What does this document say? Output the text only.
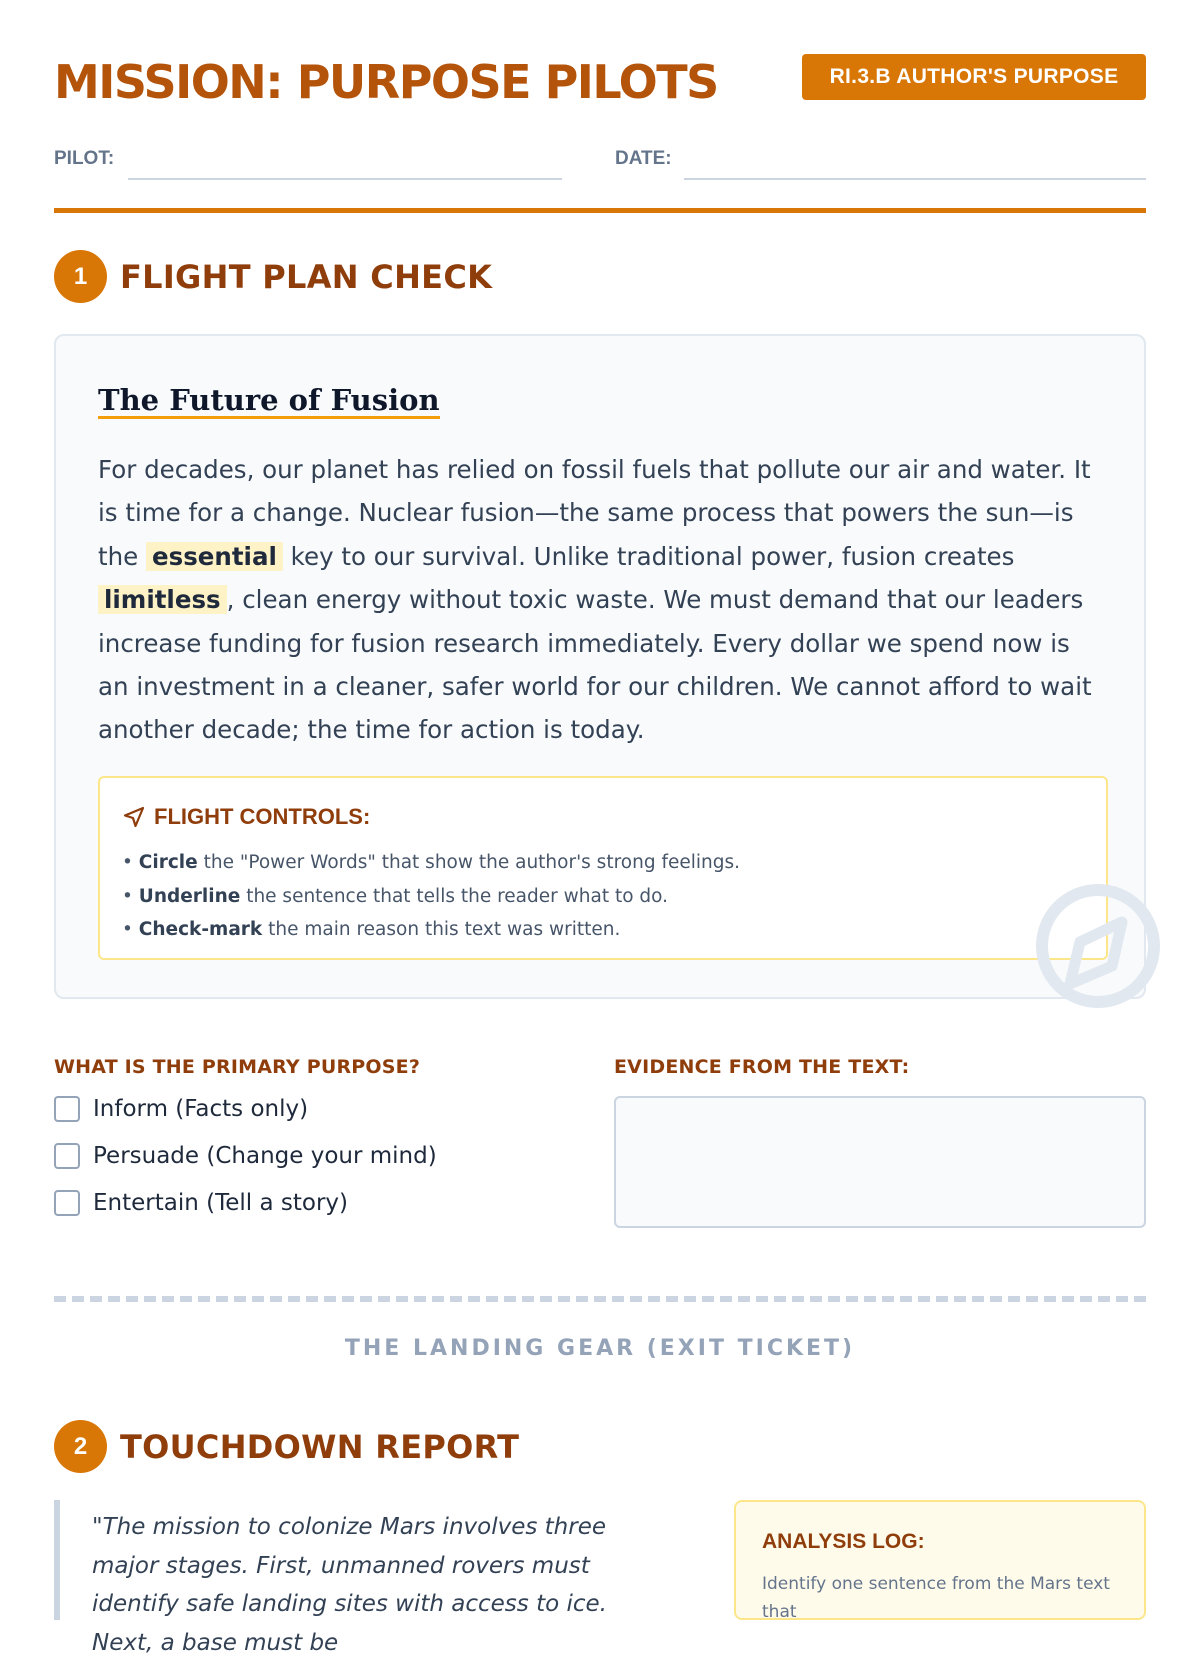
MISSION: PURPOSE PILOTS	RI.3.B AUTHOR'S PURPOSE
PILOT:	DATE:
1	FLIGHT PLAN CHECK
The Future of Fusion
For decades, our planet has relied on fossil fuels that pollute our air and water. It is time for a change. Nuclear fusion—the same process that powers the sun—is the essential key to our survival. Unlike traditional power, fusion creates limitless , clean energy without toxic waste. We must demand that our leaders increase funding for fusion research immediately. Every dollar we spend now is an investment in a cleaner, safer world for our children. We cannot afford to wait another decade; the time for action is today.
FLIGHT CONTROLS:
• Circle the "Power Words" that show the author's strong feelings.
• Underline the sentence that tells the reader what to do.
• Check-mark the main reason this text was written.
WHAT IS THE PRIMARY PURPOSE?
Inform (Facts only)
Persuade (Change your mind)
Entertain (Tell a story)
EVIDENCE FROM THE TEXT:
THE LANDING GEAR (EXIT TICKET)
2	TOUCHDOWN REPORT
"The mission to colonize Mars involves three major stages. First, unmanned rovers must identify safe landing sites with access to ice. Next, a base must be
ANALYSIS LOG:
Identify one sentence from the Mars text that
